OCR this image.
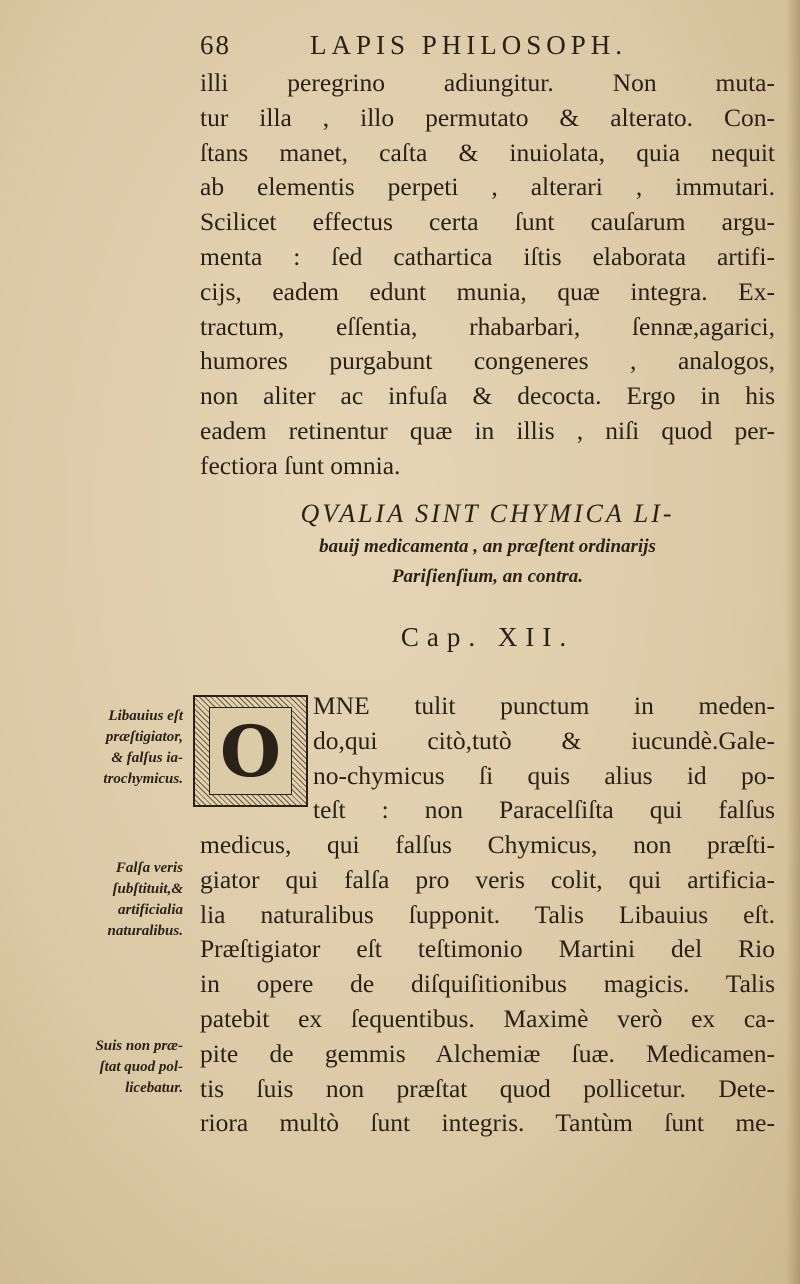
68	LAPIS PHILOSOPH.
illi peregrino adiungitur. Non muta-
tur illa , illo permutato & alterato. Con-
ſtans manet, caſta & inuiolata, quia nequit
ab elementis perpeti , alterari , immutari.
Scilicet effectus certa ſunt cauſarum argu-
menta : ſed cathartica iſtis elaborata artifi-
cijs, eadem edunt munia, quæ integra. Ex-
tractum, eſſentia, rhabarbari, ſennæ,agarici,
humores purgabunt congeneres , analogos,
non aliter ac infuſa & decocta. Ergo in his
eadem retinentur quæ in illis , niſi quod per-
fectiora ſunt omnia.
QVALIA SINT CHYMICA LI-
bauij medicamenta , an præſtent ordinarijs
Pariſienſium, an contra.
Cap. XII.
O
MNE tulit punctum in meden-
do,qui citò,tutò & iucundè.Gale-
no-chymicus ſi quis alius id po-
teſt : non Paracelſiſta qui falſus
medicus, qui falſus Chymicus, non præſti-
giator qui falſa pro veris colit, qui artificia-
lia naturalibus ſupponit. Talis Libauius eſt.
Præſtigiator eſt teſtimonio Martini del Rio
in opere de diſquiſitionibus magicis. Talis
patebit ex ſequentibus. Maximè verò ex ca-
pite de gemmis Alchemiæ ſuæ. Medicamen-
tis ſuis non præſtat quod pollicetur. Dete-
riora multò ſunt integris. Tantùm ſunt me-
Libauius eſt
præſtigiator,
& falſus ia-
trochymicus.
Falſa veris
ſubſtituit,&
artificialia
naturalibus.
Suis non præ-
ſtat quod pol-
licebatur.
